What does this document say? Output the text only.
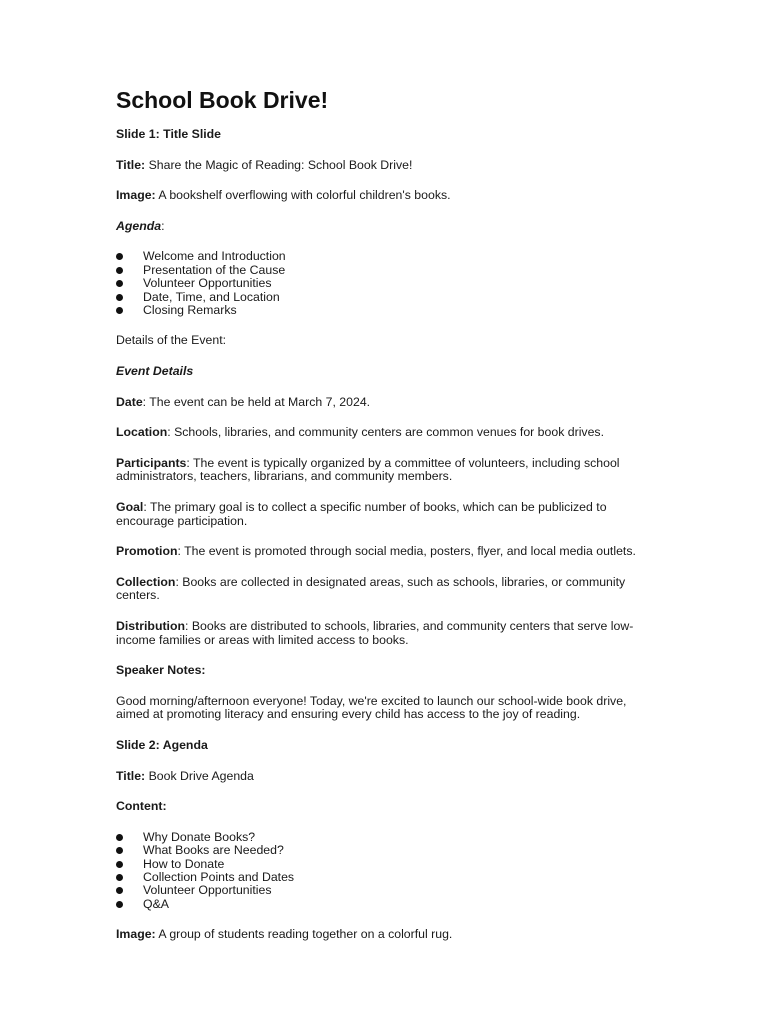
School Book Drive!

Slide 1: Title Slide

Title: Share the Magic of Reading: School Book Drive!

Image: A bookshelf overflowing with colorful children's books.

Agenda:

Welcome and Introduction
Presentation of the Cause
Volunteer Opportunities
Date, Time, and Location
Closing Remarks

Details of the Event:

Event Details

Date: The event can be held at March 7, 2024.

Location: Schools, libraries, and community centers are common venues for book drives.

Participants: The event is typically organized by a committee of volunteers, including school administrators, teachers, librarians, and community members.

Goal: The primary goal is to collect a specific number of books, which can be publicized to encourage participation.

Promotion: The event is promoted through social media, posters, flyer, and local media outlets.

Collection: Books are collected in designated areas, such as schools, libraries, or community centers.

Distribution: Books are distributed to schools, libraries, and community centers that serve low-income families or areas with limited access to books.

Speaker Notes:

Good morning/afternoon everyone! Today, we're excited to launch our school-wide book drive, aimed at promoting literacy and ensuring every child has access to the joy of reading.

Slide 2: Agenda

Title: Book Drive Agenda

Content:

Why Donate Books?
What Books are Needed?
How to Donate
Collection Points and Dates
Volunteer Opportunities
Q&A

Image: A group of students reading together on a colorful rug.
